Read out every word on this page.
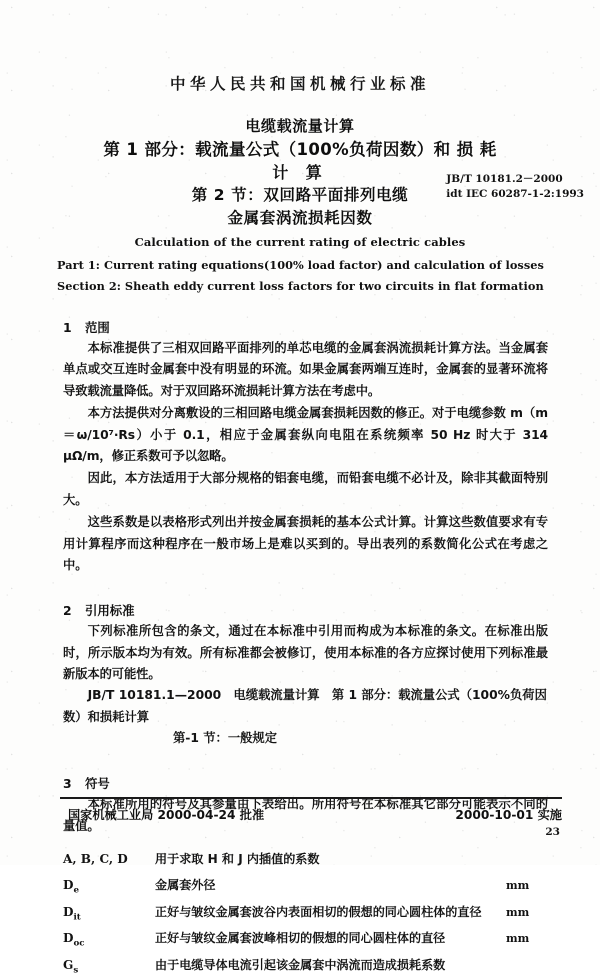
中华人民共和国机械行业标准
电缆载流量计算
第 1 部分：载流量公式（100%负荷因数）和 损 耗
计 算
第 2 节：双回路平面排列电缆
金属套涡流损耗因数
JB/T 10181.2－2000
idt IEC 60287-1-2:1993
Calculation of the current rating of electric cables
Part 1: Current rating equations(100% load factor) and calculation of losses
Section 2: Sheath eddy current loss factors for two circuits in flat formation
1 范围

本标准提供了三相双回路平面排列的单芯电缆的金属套涡流损耗计算方法。当金属套单点或交互连时金属套中没有明显的环流。如果金属套两端互连时，金属套的显著环流将导致载流量降低。对于双回路环流损耗计算方法在考虑中。

本方法提供对分离敷设的三相回路电缆金属套损耗因数的修正。对于电缆参数 m（m＝ω/10⁷·Rs）小于 0.1，相应于金属套纵向电阻在系统频率 50 Hz 时大于 314 μΩ/m，修正系数可予以忽略。

因此，本方法适用于大部分规格的铝套电缆，而铅套电缆不必计及，除非其截面特别大。

这些系数是以表格形式列出并按金属套损耗的基本公式计算。计算这些数值要求有专用计算程序而这种程序在一般市场上是难以买到的。导出表列的系数简化公式在考虑之中。

2 引用标准

下列标准所包含的条文，通过在本标准中引用而构成为本标准的条文。在标准出版时，所示版本均为有效。所有标准都会被修订，使用本标准的各方应探讨使用下列标准最新版本的可能性。

JB/T 10181.1—2000　电缆载流量计算　第 1 部分：载流量公式（100%负荷因数）和损耗计算
第-1 节：一般规定
3 符号

本标准所用的符号及其参量由下表给出。所用符号在本标准其它部分可能表示不同的量值。

A, B, C, D	用于求取 H 和 J 内插值的系数	
$D_e$	金属套外径	mm
$D_{it}$	正好与皱纹金属套波谷内表面相切的假想的同心圆柱体的直径	mm
$D_{oc}$	正好与皱纹金属套波峰相切的假想的同心圆柱体的直径	mm
$G_s$	由于电缆导体电流引起该金属套中涡流而造成损耗系数	
国家机械工业局 2000-04-24 批准	2000-10-01 实施
23
